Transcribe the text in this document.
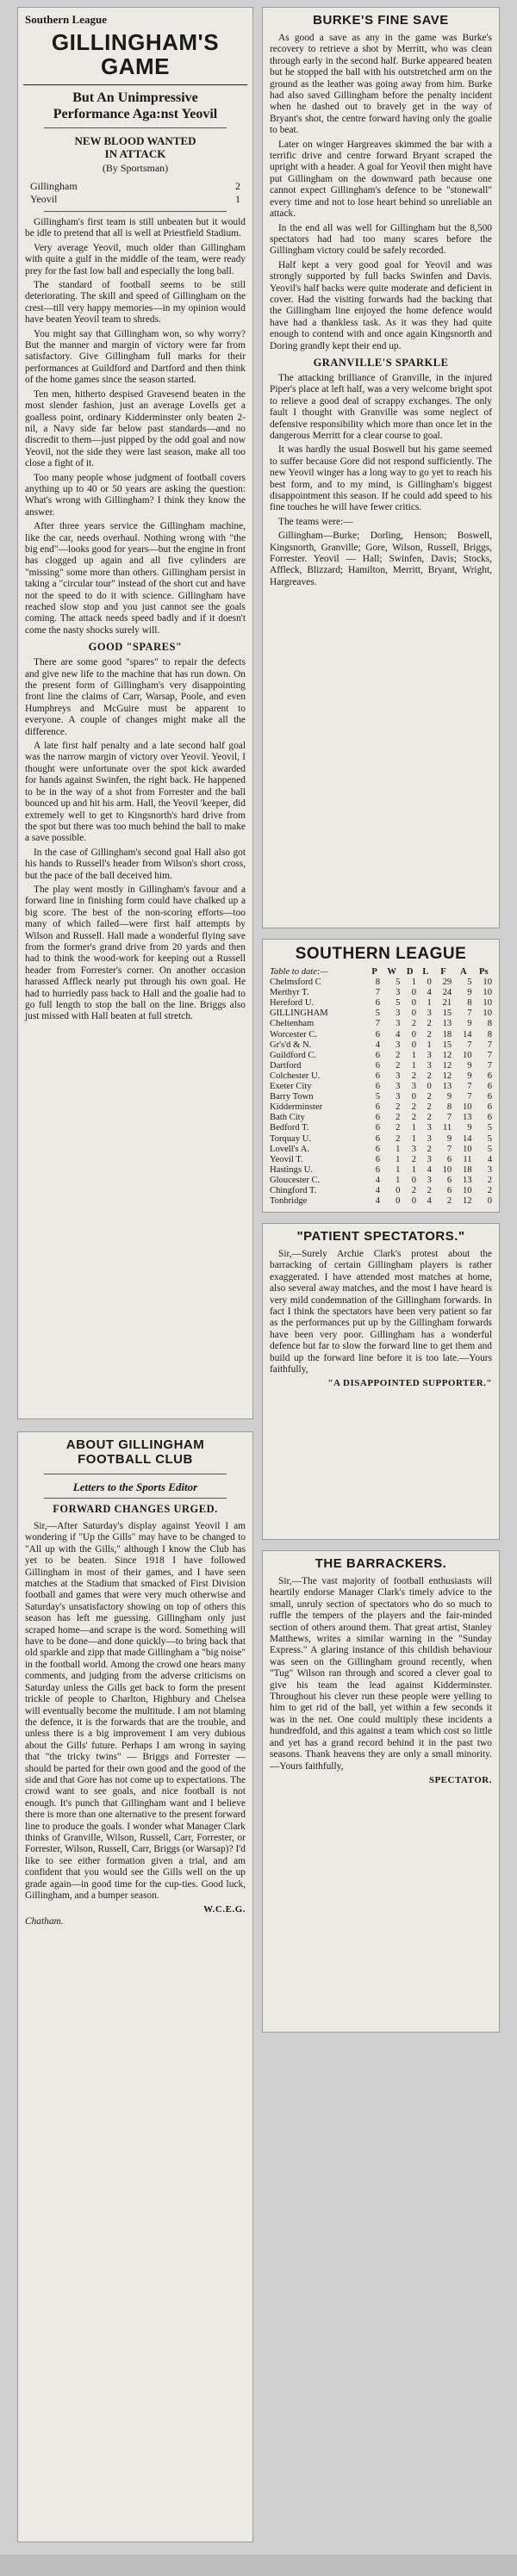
Southern League
GILLINGHAM'S
GAME
But An Unimpressive
Performance Aga:nst Yeovil
NEW BLOOD WANTED
IN ATTACK
(By Sportsman)
Gillingham	2
Yeovil	1

Gillingham's first team is still unbeaten but it would be idle to pretend that all is well at Priestfield Stadium.

Very average Yeovil, much older than Gillingham with quite a gulf in the middle of the team, were ready prey for the fast low ball and especially the long ball.

The standard of football seems to be still deteriorating. The skill and speed of Gillingham on the crest—till very happy memories—in my opinion would have beaten Yeovil team to shreds.

You might say that Gillingham won, so why worry? But the manner and margin of victory were far from satisfactory. Give Gillingham full marks for their performances at Guildford and Dartford and then think of the home games since the season started.

Ten men, hitherto despised Gravesend beaten in the most slender fashion, just an average Lovells get a goalless point, ordinary Kidderminster only beaten 2-nil, a Navy side far below past standards—and no discredit to them—just pipped by the odd goal and now Yeovil, not the side they were last season, make all too close a fight of it.

Too many people whose judgment of football covers anything up to 40 or 50 years are asking the question: What's wrong with Gillingham? I think they know the answer.

After three years service the Gillingham machine, like the car, needs overhaul. Nothing wrong with "the big end"—looks good for years—but the engine in front has clogged up again and all five cylinders are "missing" some more than others. Gillingham persist in taking a "circular tour" instead of the short cut and have not the speed to do it with science. Gillingham have reached slow stop and you just cannot see the goals coming. The attack needs speed badly and if it doesn't come the nasty shocks surely will.

GOOD "SPARES"

There are some good "spares" to repair the defects and give new life to the machine that has run down. On the present form of Gillingham's very disappointing front line the claims of Carr, Warsap, Poole, and even Humphreys and McGuire must be apparent to everyone. A couple of changes might make all the difference.

A late first half penalty and a late second half goal was the narrow margin of victory over Yeovil. Yeovil, I thought were unfortunate over the spot kick awarded for hands against Swinfen, the right back. He happened to be in the way of a shot from Forrester and the ball bounced up and hit his arm. Hall, the Yeovil 'keeper, did extremely well to get to Kingsnorth's hard drive from the spot but there was too much behind the ball to make a save possible.

In the case of Gillingham's second goal Hall also got his hands to Russell's header from Wilson's short cross, but the pace of the ball deceived him.

The play went mostly in Gillingham's favour and a forward line in finishing form could have chalked up a big score. The best of the non-scoring efforts—too many of which failed—were first half attempts by Wilson and Russell. Hall made a wonderful flying save from the former's grand drive from 20 yards and then had to think the wood-work for keeping out a Russell header from Forrester's corner. On another occasion harassed Affleck nearly put through his own goal. He had to hurriedly pass back to Hall and the goalie had to go full length to stop the ball on the line. Briggs also just missed with Hall beaten at full stretch.

BURKE'S FINE SAVE

As good a save as any in the game was Burke's recovery to retrieve a shot by Merritt, who was clean through early in the second half. Burke appeared beaten but he stopped the ball with his outstretched arm on the ground as the leather was going away from him. Burke had also saved Gillingham before the penalty incident when he dashed out to bravely get in the way of Bryant's shot, the centre forward having only the goalie to beat.

Later on winger Hargreaves skimmed the bar with a terrific drive and centre forward Bryant scraped the upright with a header. A goal for Yeovil then might have put Gillingham on the downward path because one cannot expect Gillingham's defence to be "stonewall" every time and not to lose heart behind so unreliable an attack.

In the end all was well for Gillingham but the 8,500 spectators had had too many scares before the Gillingham victory could be safely recorded.

Half kept a very good goal for Yeovil and was strongly supported by full backs Swinfen and Davis. Yeovil's half backs were quite moderate and deficient in cover. Had the visiting forwards had the backing that the Gillingham line enjoyed the home defence would have had a thankless task. As it was they had quite enough to contend with and once again Kingsnorth and Doring grandly kept their end up.

GRANVILLE'S SPARKLE

The attacking brilliance of Granville, in the injured Piper's place at left half, was a very welcome bright spot to relieve a good deal of scrappy exchanges. The only fault I thought with Granville was some neglect of defensive responsibility which more than once let in the dangerous Merritt for a clear course to goal.

It was hardly the usual Boswell but his game seemed to suffer because Gore did not respond sufficiently. The new Yeovil winger has a long way to go yet to reach his best form, and to my mind, is Gillingham's biggest disappointment this season. If he could add speed to his fine touches he will have fewer critics.

The teams were:—

Gillingham—Burke; Dorling, Henson; Boswell, Kingsnorth, Granville; Gore, Wilson, Russell, Briggs, Forrester. Yeovil — Hall; Swinfen, Davis; Stocks, Affleck, Blizzard; Hamilton, Merritt, Bryant, Wright, Hargreaves.

SOUTHERN LEAGUE
Table to date:—	P	W	D	L	F	A	Ps
Chelmsford C	8	5	1	0	29	5	10
Merthyr T.	7	3	0	4	24	9	10
Hereford U.	6	5	0	1	21	8	10
GILLINGHAM	5	3	0	3	15	7	10
Cheltenham	7	3	2	2	13	9	8
Worcester C.	6	4	0	2	18	14	8
Gr's'd & N.	4	3	0	1	15	7	7
Guildford C.	6	2	1	3	12	10	7
Dartford	6	2	1	3	12	9	7
Colchester U.	6	3	2	2	12	9	6
Exeter City	6	3	3	0	13	7	6
Barry Town	5	3	0	2	9	7	6
Kidderminster	6	2	2	2	8	10	6
Bath City	6	2	2	2	7	13	6
Bedford T.	6	2	1	3	11	9	5
Torquay U.	6	2	1	3	9	14	5
Lovell's A.	6	1	3	2	7	10	5
Yeovil T.	6	1	2	3	6	11	4
Hastings U.	6	1	1	4	10	18	3
Gloucester C.	4	1	0	3	6	13	2
Chingford T.	4	0	2	2	6	10	2
Tonbridge	4	0	0	4	2	12	0
"PATIENT SPECTATORS."

Sir,—Surely Archie Clark's protest about the barracking of certain Gillingham players is rather exaggerated. I have attended most matches at home, also several away matches, and the most I have heard is very mild condemnation of the Gillingham forwards. In fact I think the spectators have been very patient so far as the performances put up by the Gillingham forwards have been very poor. Gillingham has a wonderful defence but far to slow the forward line to get them and build up the forward line before it is too late.—Yours faithfully,

"A DISAPPOINTED SUPPORTER."
ABOUT GILLINGHAM
FOOTBALL CLUB
Letters to the Sports Editor
FORWARD CHANGES URGED.

Sir,—After Saturday's display against Yeovil I am wondering if "Up the Gills" may have to be changed to "All up with the Gills," although I know the Club has yet to be beaten. Since 1918 I have followed Gillingham in most of their games, and I have seen matches at the Stadium that smacked of First Division football and games that were very much otherwise and Saturday's unsatisfactory showing on top of others this season has left me guessing. Gillingham only just scraped home—and scrape is the word. Something will have to be done—and done quickly—to bring back that old sparkle and zipp that made Gillingham a "big noise" in the football world. Among the crowd one hears many comments, and judging from the adverse criticisms on Saturday unless the Gills get back to form the present trickle of people to Charlton, Highbury and Chelsea will eventually become the multitude. I am not blaming the defence, it is the forwards that are the trouble, and unless there is a big improvement I am very dubious about the Gills' future. Perhaps I am wrong in saying that "the tricky twins" — Briggs and Forrester — should be parted for their own good and the good of the side and that Gore has not come up to expectations. The crowd want to see goals, and nice football is not enough. It's punch that Gillingham want and I believe there is more than one alternative to the present forward line to produce the goals. I wonder what Manager Clark thinks of Granville, Wilson, Russell, Carr, Forrester, or Forrester, Wilson, Russell, Carr, Briggs (or Warsap)? I'd like to see either formation given a trial, and am confident that you would see the Gills well on the up grade again—in good time for the cup-ties. Good luck, Gillingham, and a bumper season.

W.C.E.G.
Chatham.
THE BARRACKERS.

Sir,—The vast majority of football enthusiasts will heartily endorse Manager Clark's timely advice to the small, unruly section of spectators who do so much to ruffle the tempers of the players and the fair-minded section of others around them. That great artist, Stanley Matthews, writes a similar warning in the "Sunday Express." A glaring instance of this childish behaviour was seen on the Gillingham ground recently, when "Tug" Wilson ran through and scored a clever goal to give his team the lead against Kidderminster. Throughout his clever run these people were yelling to him to get rid of the ball, yet within a few seconds it was in the net. One could multiply these incidents a hundredfold, and this against a team which cost so little and yet has a grand record behind it in the past two seasons. Thank heavens they are only a small minority.—Yours faithfully,

SPECTATOR.
